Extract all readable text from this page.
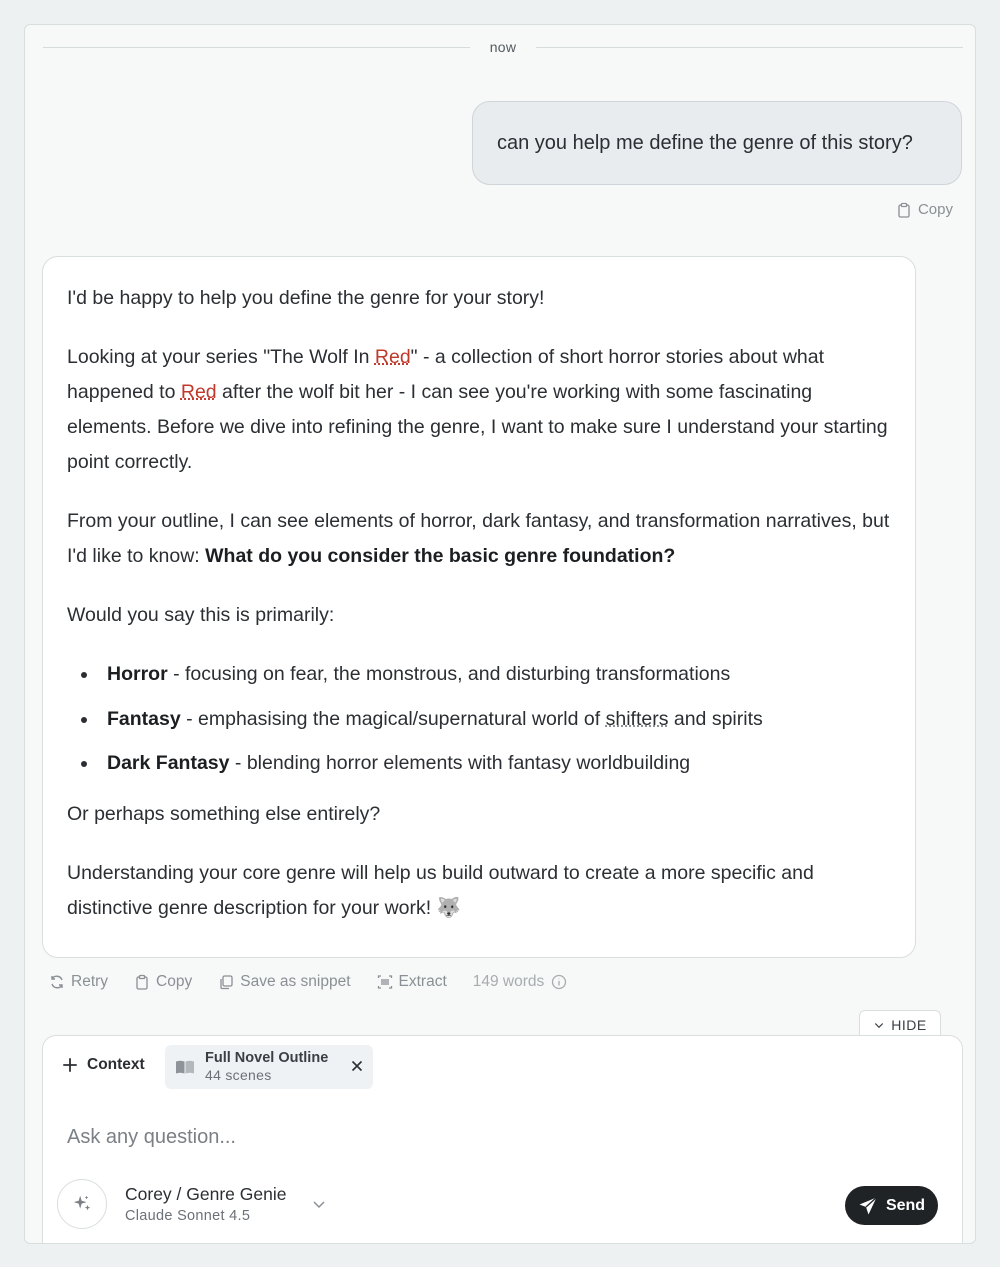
now
can you help me define the genre of this story?
Copy

I'd be happy to help you define the genre for your story!

Looking at your series "The Wolf In Red" - a collection of short horror stories about what happened to Red after the wolf bit her - I can see you're working with some fascinating elements. Before we dive into refining the genre, I want to make sure I understand your starting point correctly.

From your outline, I can see elements of horror, dark fantasy, and transformation narratives, but I'd like to know: What do you consider the basic genre foundation?

Would you say this is primarily:

Horror - focusing on fear, the monstrous, and disturbing transformations
Fantasy - emphasising the magical/supernatural world of shifters and spirits
Dark Fantasy - blending horror elements with fantasy worldbuilding

Or perhaps something else entirely?

Understanding your core genre will help us build outward to create a more specific and distinctive genre description for your work! 🐺

Retry	Copy	Save as snippet	Extract 149 words
HIDE
Context	Full Novel Outline
44 scenes
Ask any question...
Corey / Genre Genie
Claude Sonnet 4.5
Send
